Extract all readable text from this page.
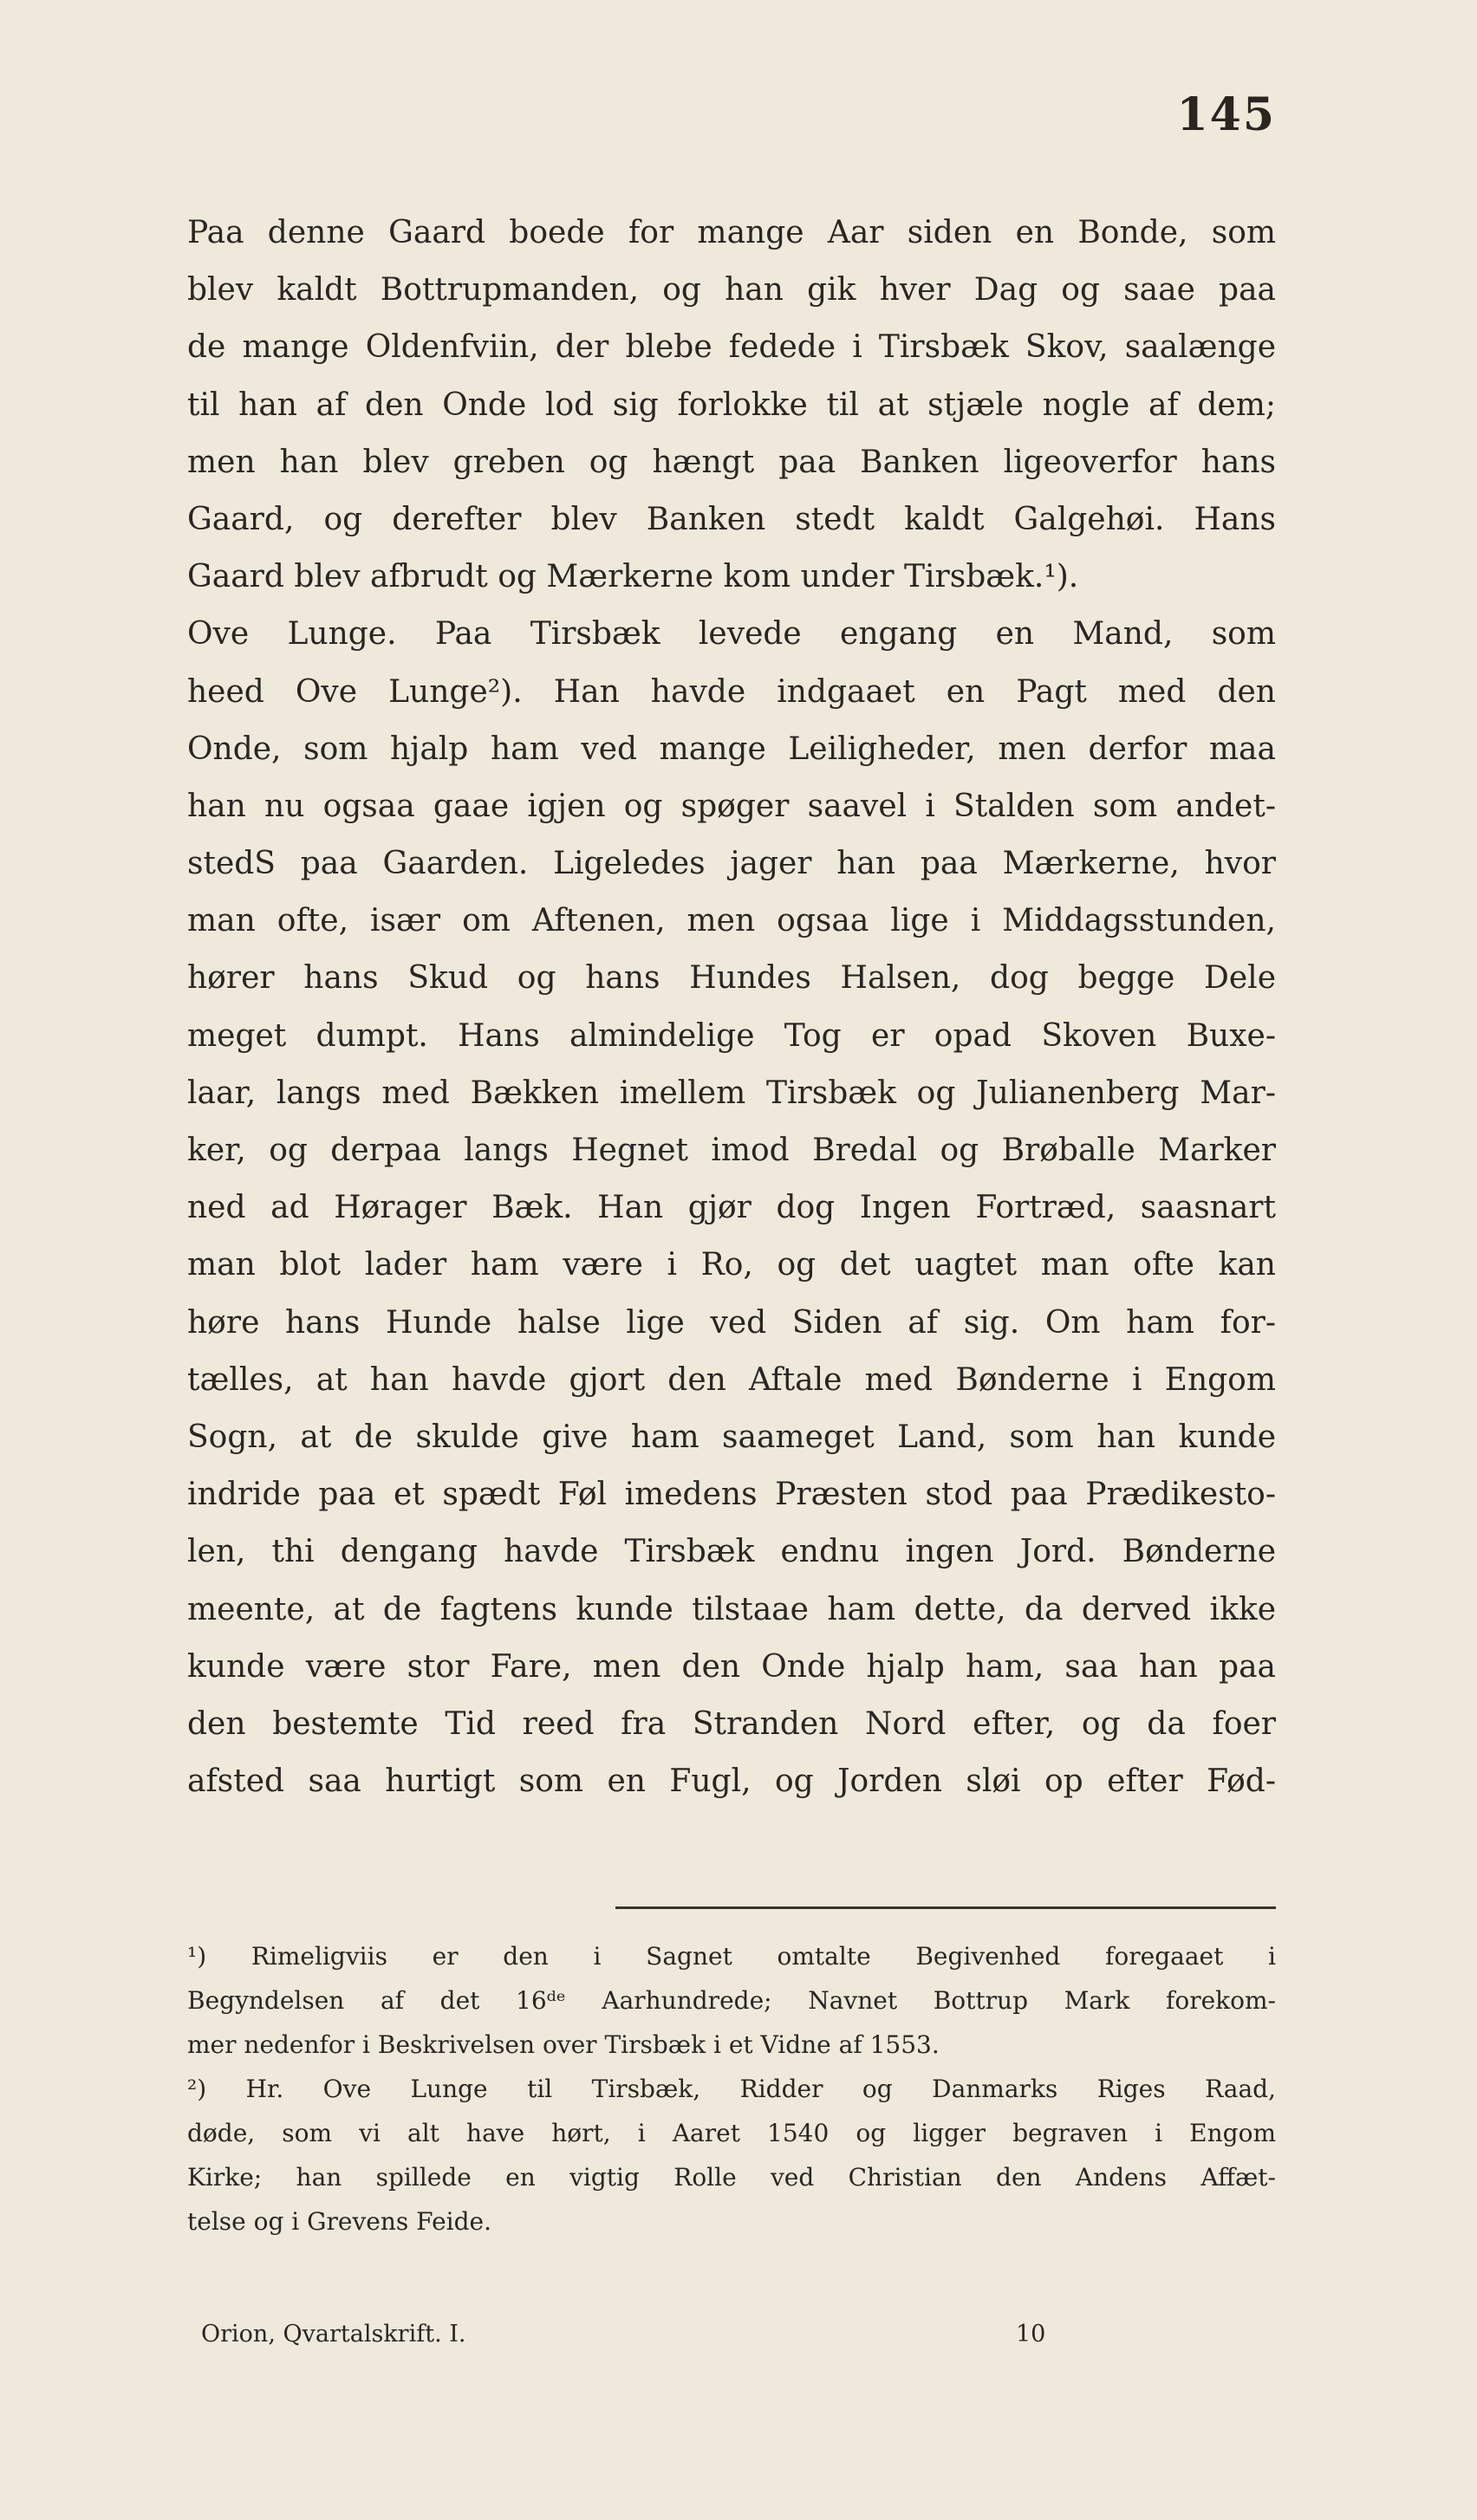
145
Paa denne Gaard boede for mange Aar siden en Bonde, som
blev kaldt Bottrupmanden, og han gik hver Dag og saae paa
de mange Oldenfviin, der blebe fedede i Tirsbæk Skov, saalænge
til han af den Onde lod sig forlokke til at stjæle nogle af dem;
men han blev greben og hængt paa Banken ligeoverfor hans
Gaard, og derefter blev Banken stedt kaldt Galgehøi. Hans
Gaard blev afbrudt og Mærkerne kom under Tirsbæk.¹).
Ove Lunge. Paa Tirsbæk levede engang en Mand, som
heed Ove Lunge²). Han havde indgaaet en Pagt med den
Onde, som hjalp ham ved mange Leiligheder, men derfor maa
han nu ogsaa gaae igjen og spøger saavel i Stalden som andet-
stedS paa Gaarden. Ligeledes jager han paa Mærkerne, hvor
man ofte, især om Aftenen, men ogsaa lige i Middagsstunden,
hører hans Skud og hans Hundes Halsen, dog begge Dele
meget dumpt. Hans almindelige Tog er opad Skoven Buxe-
laar, langs med Bækken imellem Tirsbæk og Julianenberg Mar-
ker, og derpaa langs Hegnet imod Bredal og Brøballe Marker
ned ad Hørager Bæk. Han gjør dog Ingen Fortræd, saasnart
man blot lader ham være i Ro, og det uagtet man ofte kan
høre hans Hunde halse lige ved Siden af sig. Om ham for-
tælles, at han havde gjort den Aftale med Bønderne i Engom
Sogn, at de skulde give ham saameget Land, som han kunde
indride paa et spædt Føl imedens Præsten stod paa Prædikesto-
len, thi dengang havde Tirsbæk endnu ingen Jord. Bønderne
meente, at de fagtens kunde tilstaae ham dette, da derved ikke
kunde være stor Fare, men den Onde hjalp ham, saa han paa
den bestemte Tid reed fra Stranden Nord efter, og da foer
afsted saa hurtigt som en Fugl, og Jorden sløi op efter Fød-
¹) Rimeligviis er den i Sagnet omtalte Begivenhed foregaaet i
Begyndelsen af det 16ᵈᵉ Aarhundrede; Navnet Bottrup Mark forekom-
mer nedenfor i Beskrivelsen over Tirsbæk i et Vidne af 1553.
²) Hr. Ove Lunge til Tirsbæk, Ridder og Danmarks Riges Raad,
døde, som vi alt have hørt, i Aaret 1540 og ligger begraven i Engom
Kirke; han spillede en vigtig Rolle ved Christian den Andens Affæt-
telse og i Grevens Feide.
Orion, Qvartalskrift. I.	10
